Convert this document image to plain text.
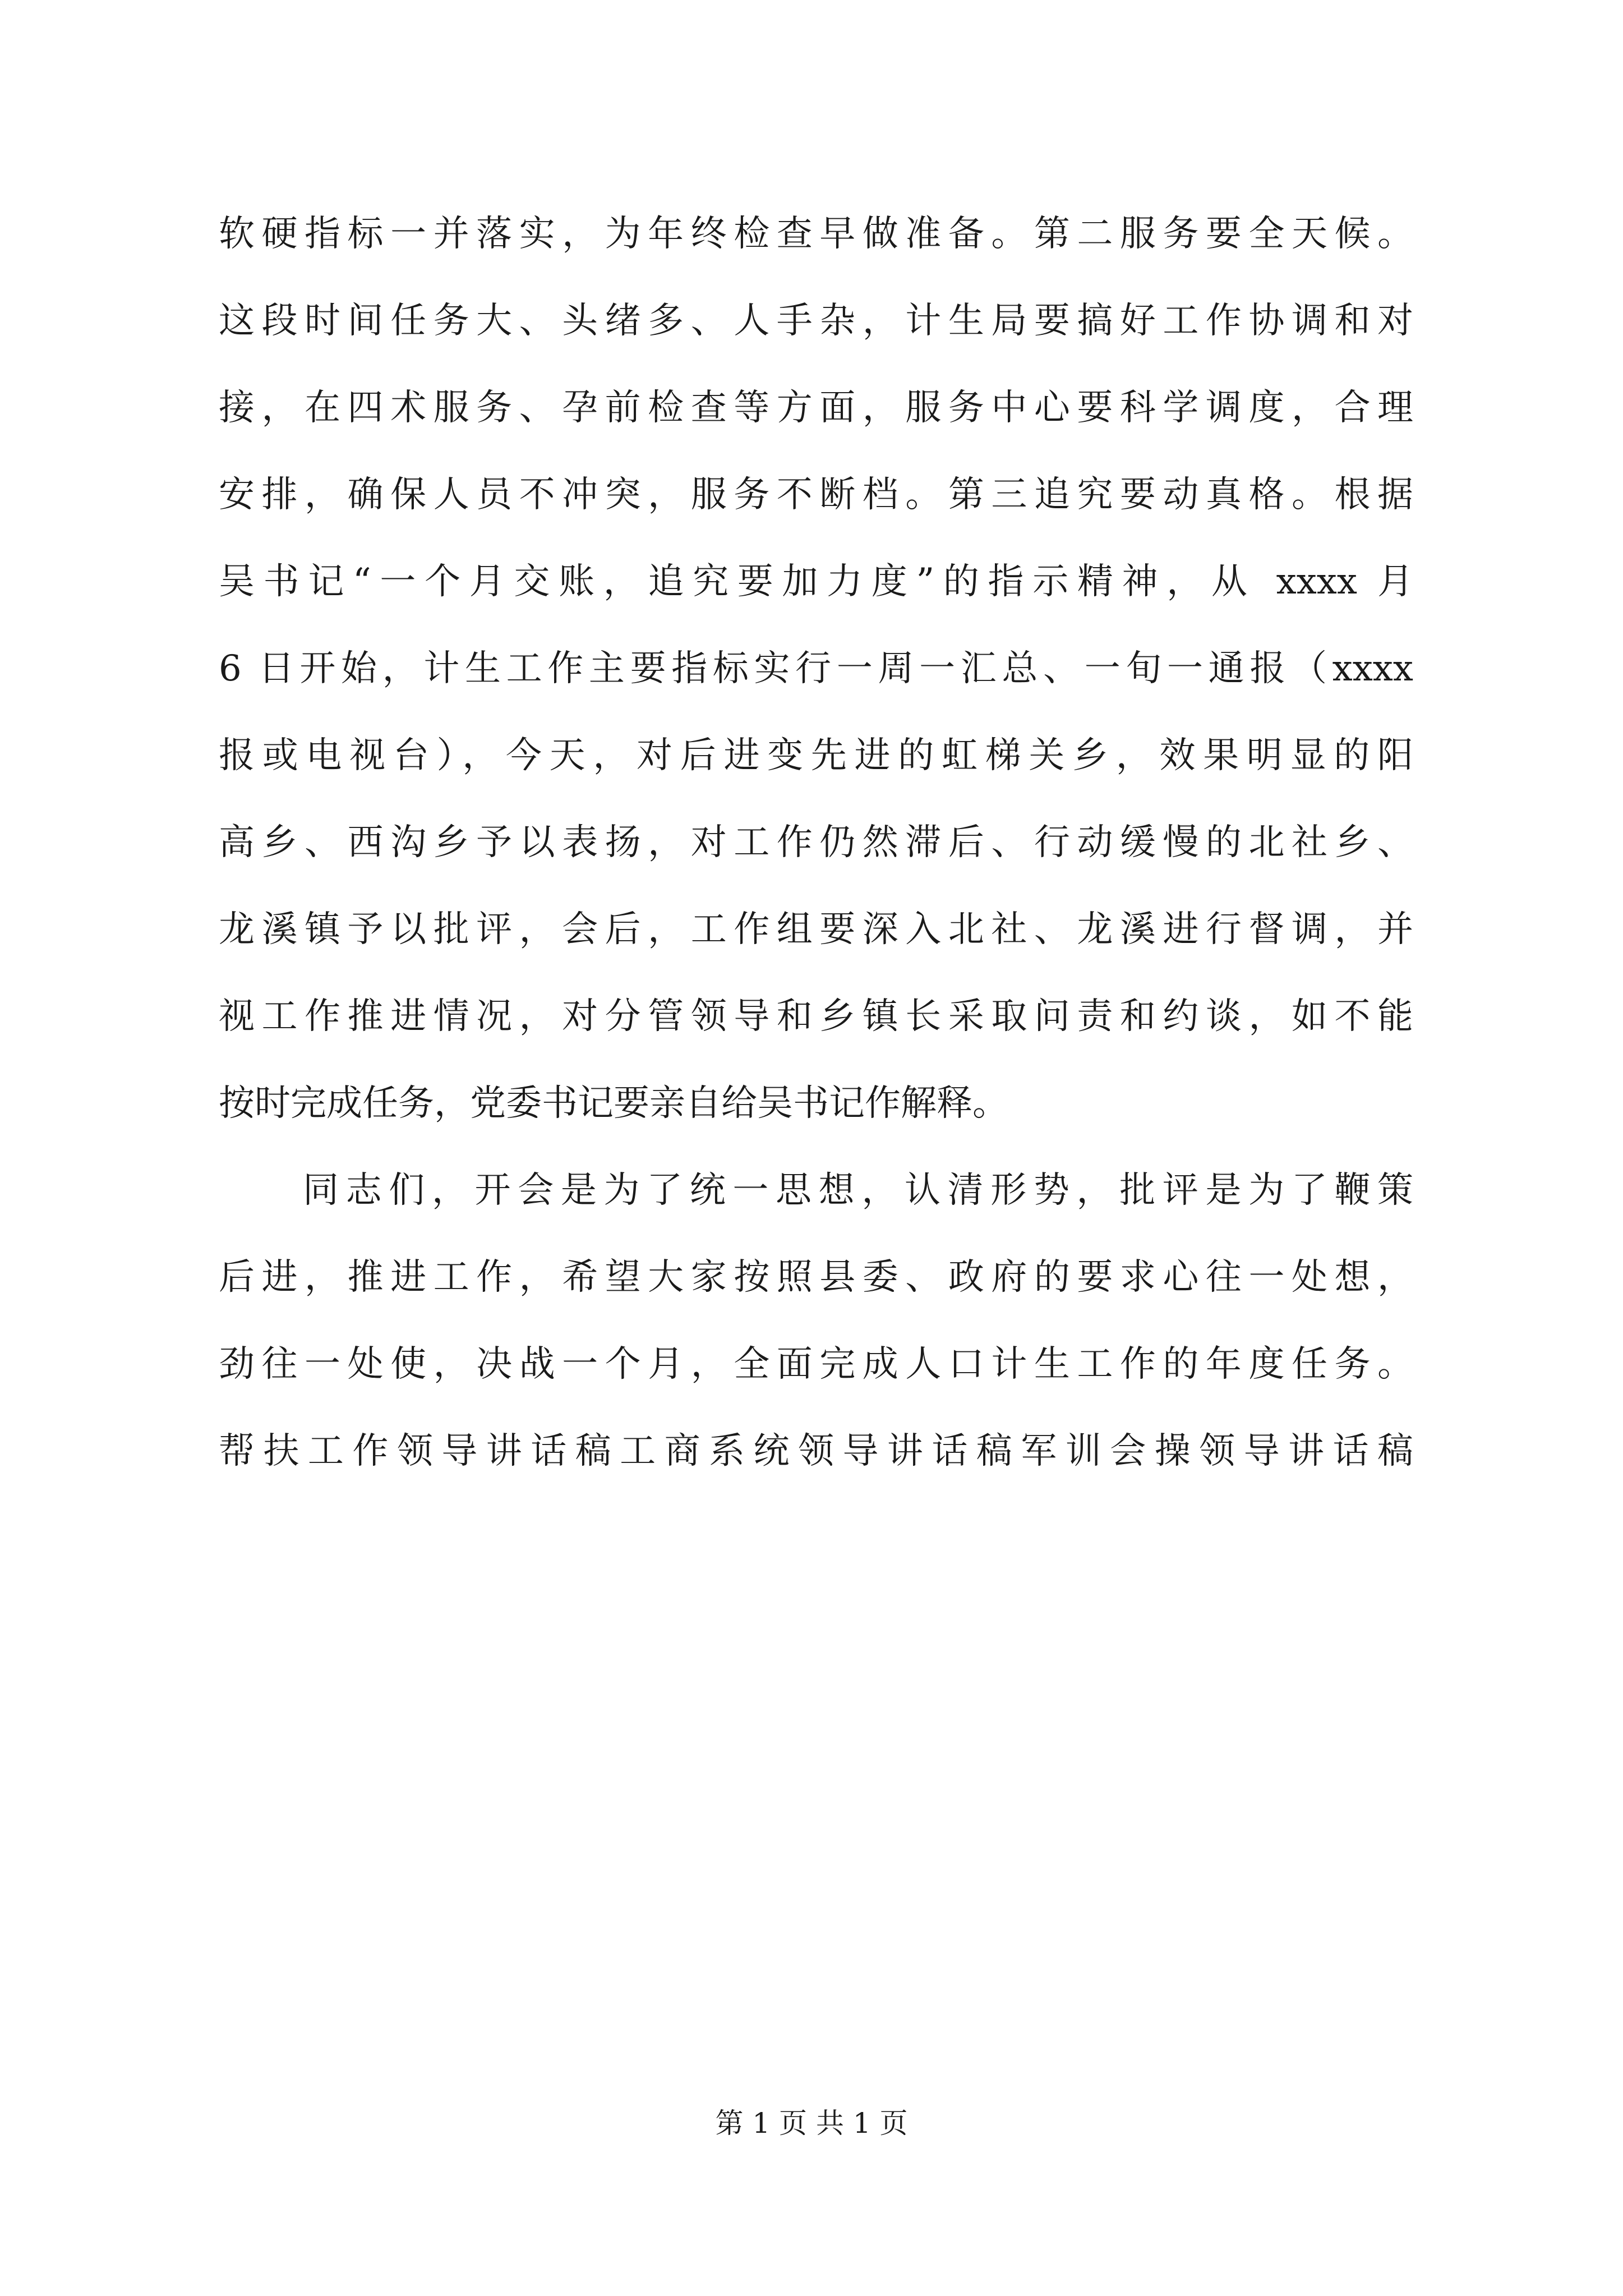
软硬指标一并落实，为年终检查早做准备。第二服务要全天候。
这段时间任务大、头绪多、人手杂，计生局要搞好工作协调和对
接，在四术服务、孕前检查等方面，服务中心要科学调度，合理
安排，确保人员不冲突，服务不断档。第三追究要动真格。根据
吴书记“一个月交账，追究要加力度”的指示精神，从 xxxx 月
6 日开始，计生工作主要指标实行一周一汇总、一旬一通报（xxxx
报或电视台），今天，对后进变先进的虹梯关乡，效果明显的阳
高乡、西沟乡予以表扬，对工作仍然滞后、行动缓慢的北社乡、
龙溪镇予以批评，会后，工作组要深入北社、龙溪进行督调，并
视工作推进情况，对分管领导和乡镇长采取问责和约谈，如不能
按时完成任务，党委书记要亲自给吴书记作解释。
同志们，开会是为了统一思想，认清形势，批评是为了鞭策
后进，推进工作，希望大家按照县委、政府的要求心往一处想，
劲往一处使，决战一个月，全面完成人口计生工作的年度任务。
帮扶工作领导讲话稿工商系统领导讲话稿军训会操领导讲话稿
第 1 页 共 1 页
